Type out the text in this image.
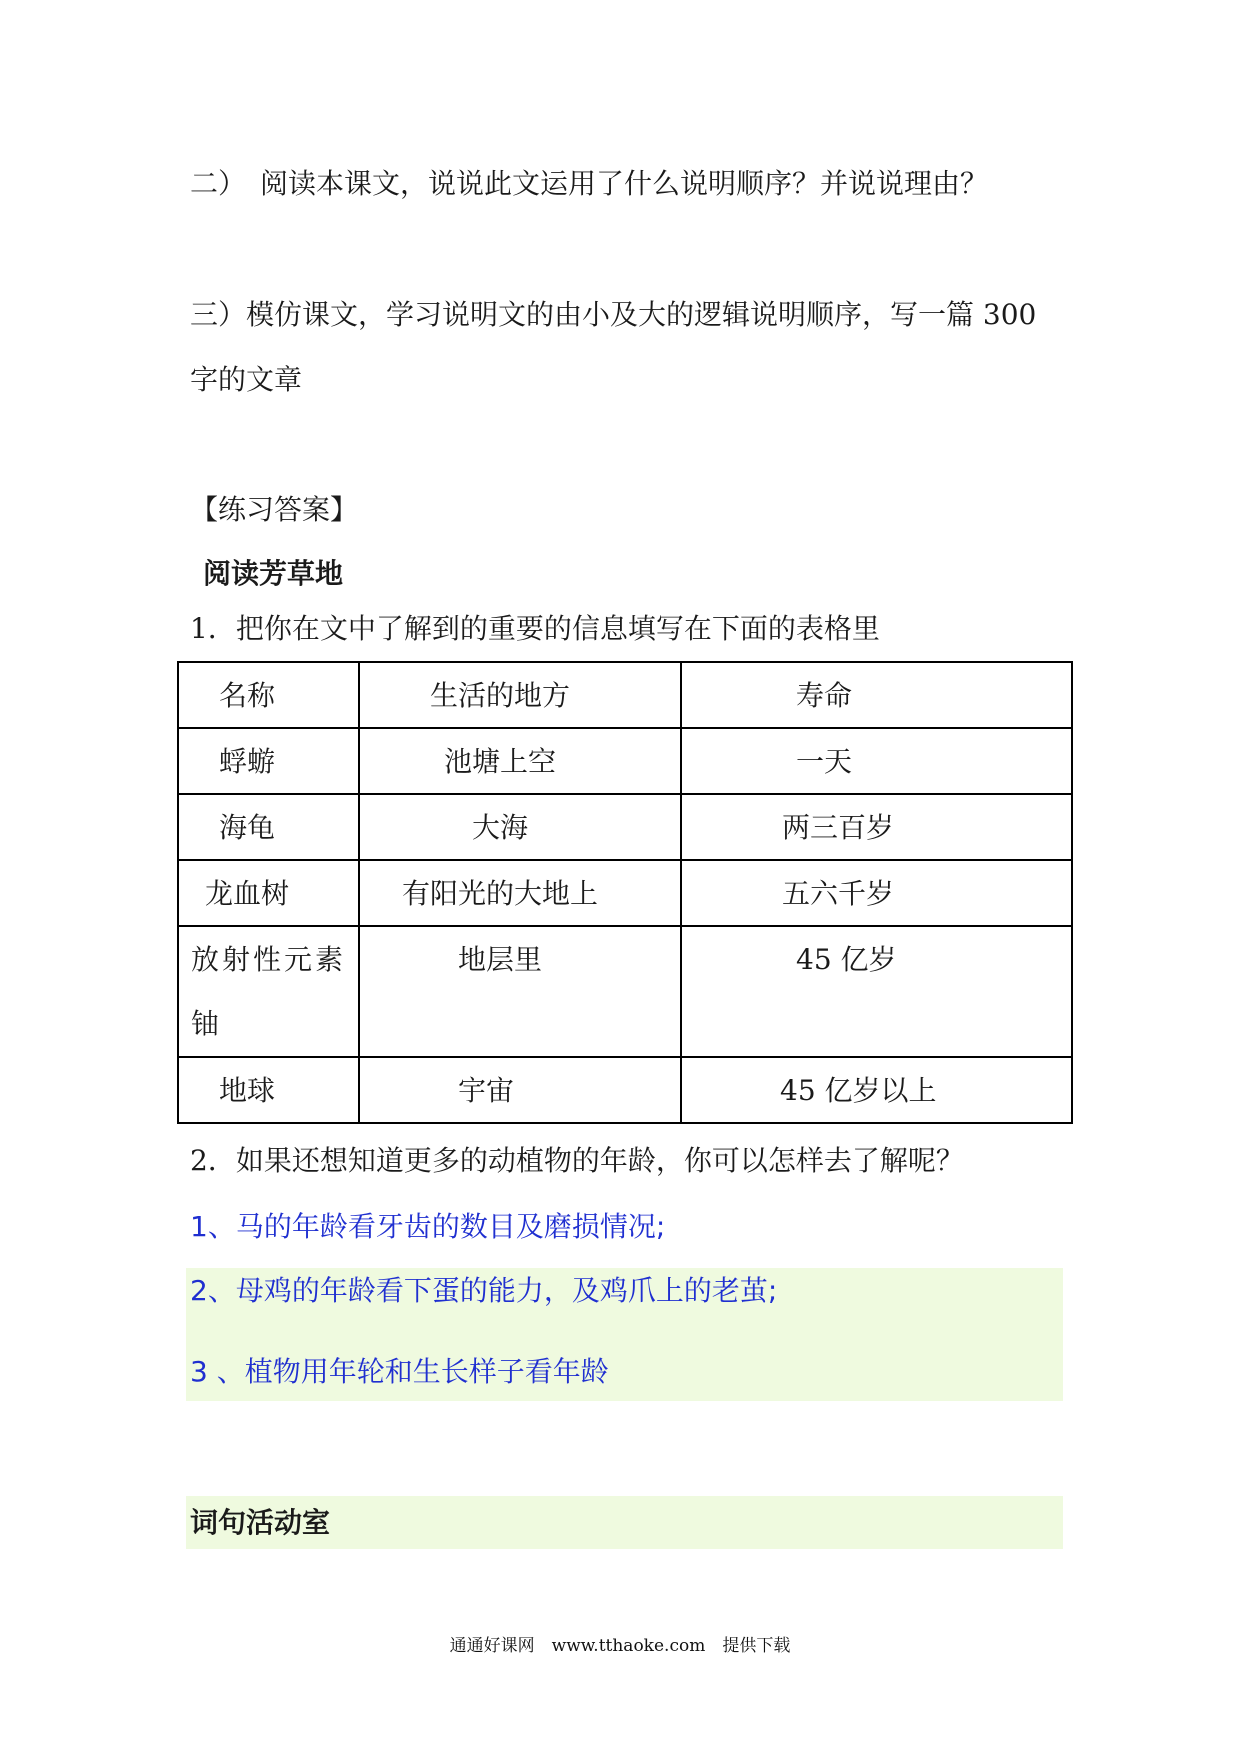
二）　阅读本课文，说说此文运用了什么说明顺序？并说说理由？
三）模仿课文，学习说明文的由小及大的逻辑说明顺序，写一篇 300
字的文章
【练习答案】
阅读芳草地
1．把你在文中了解到的重要的信息填写在下面的表格里
名称	生活的地方	寿命

蜉蝣	池塘上空	一天

海龟	大海	两三百岁

龙血树	有阳光的大地上	五六千岁

放射性元素
铀	地层里	45 亿岁

地球	宇宙	45 亿岁以上
2．如果还想知道更多的动植物的年龄，你可以怎样去了解呢？
1、马的年龄看牙齿的数目及磨损情况;
2、母鸡的年龄看下蛋的能力，及鸡爪上的老茧;
3 、植物用年轮和生长样子看年龄
词句活动室
通通好课网　www.tthaoke.com　提供下载
